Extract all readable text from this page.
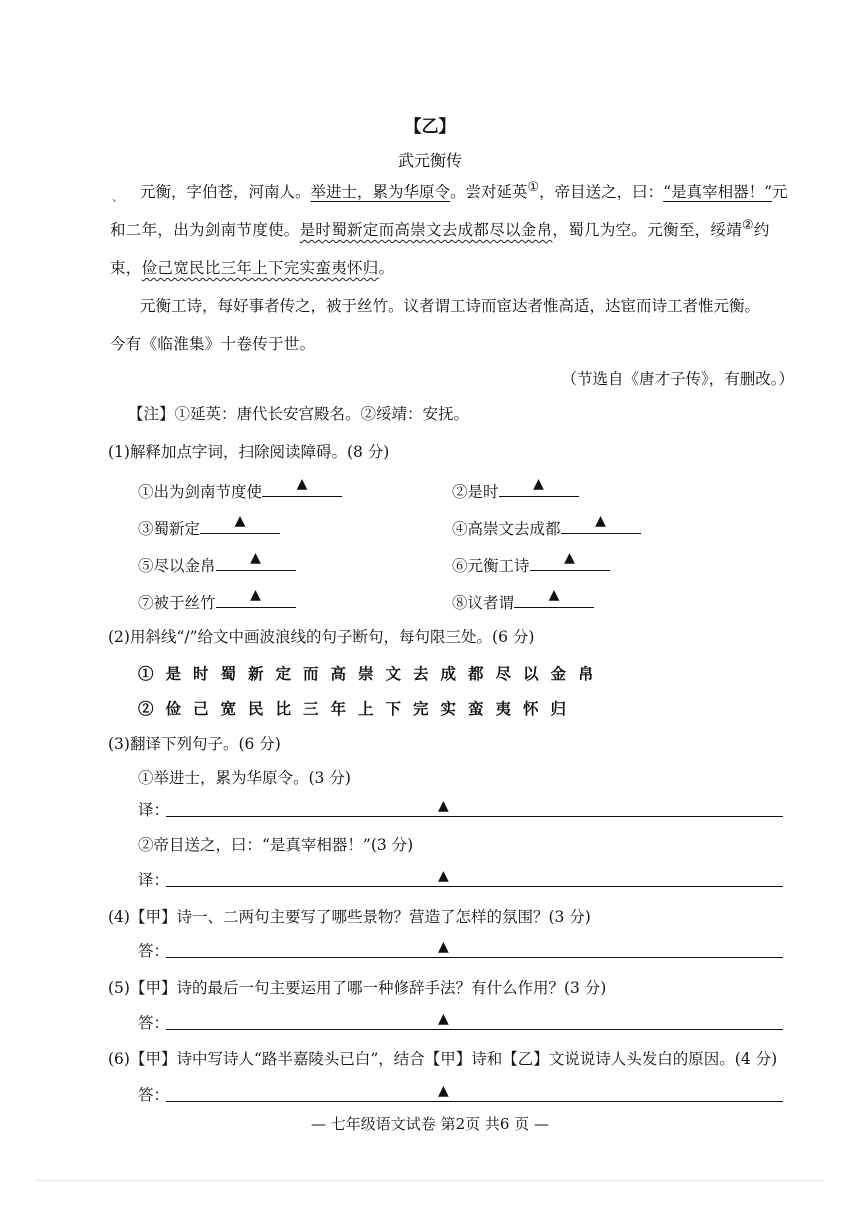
【乙】
武元衡传
、 元衡，字伯苍，河南人。举进士，累为华原令。尝对延英①，帝目送之，曰：“是真宰相器！”元
和二年，出为剑南节度使。是时蜀新定而高崇文去成都尽以金帛，蜀几为空。元衡至，绥靖②约
束，俭己宽民比三年上下完实蛮夷怀归。
元衡工诗，每好事者传之，被于丝竹。议者谓工诗而宦达者惟高适，达宦而诗工者惟元衡。
今有《临淮集》十卷传于世。
（节选自《唐才子传》，有删改。）
【注】①延英：唐代长安宫殿名。②绥靖：安抚。
(1)解释加点字词，扫除阅读障碍。(8 分)
①出为剑南节度使	▲	②是时	▲
③蜀新定	▲	④高崇文去成都	▲
⑤尽以金帛	▲	⑥元衡工诗	▲
⑦被于丝竹	▲	⑧议者谓	▲
(2)用斜线“/”给文中画波浪线的句子断句，每句限三处。(6 分)
①是时蜀新定而高崇文去成都尽以金帛
②俭己宽民比三年上下完实蛮夷怀归
(3)翻译下列句子。(6 分)
①举进士，累为华原令。(3 分)
译：	▲
②帝目送之，曰：“是真宰相器！”(3 分)
译：	▲
(4)【甲】诗一、二两句主要写了哪些景物？营造了怎样的氛围？(3 分)
答：	▲
(5)【甲】诗的最后一句主要运用了哪一种修辞手法？有什么作用？(3 分)
答：	▲
(6)【甲】诗中写诗人“路半嘉陵头已白”，结合【甲】诗和【乙】文说说诗人头发白的原因。(4 分)
答：	▲
— 七年级语文试卷 第2页 共6 页 —
